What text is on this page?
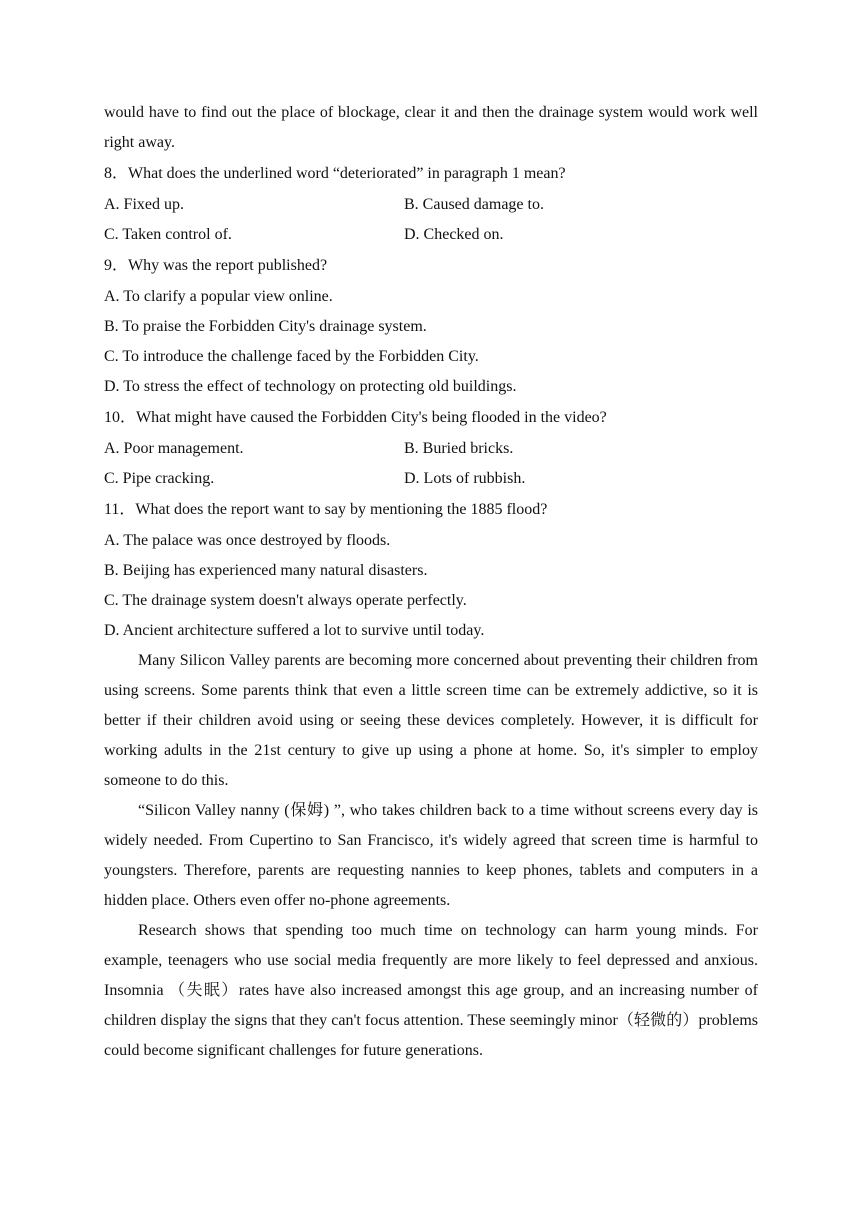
would have to find out the place of blockage, clear it and then the drainage system would work well right away.

8．What does the underlined word “deteriorated” in paragraph 1 mean?

A. Fixed up.	B. Caused damage to.
C. Taken control of.	D. Checked on.

9．Why was the report published?

A. To clarify a popular view online.

B. To praise the Forbidden City's drainage system.

C. To introduce the challenge faced by the Forbidden City.

D. To stress the effect of technology on protecting old buildings.

10．What might have caused the Forbidden City's being flooded in the video?

A. Poor management.	B. Buried bricks.
C. Pipe cracking.	D. Lots of rubbish.

11．What does the report want to say by mentioning the 1885 flood?

A. The palace was once destroyed by floods.

B. Beijing has experienced many natural disasters.

C. The drainage system doesn't always operate perfectly.

D. Ancient architecture suffered a lot to survive until today.

Many Silicon Valley parents are becoming more concerned about preventing their children from using screens. Some parents think that even a little screen time can be extremely addictive, so it is better if their children avoid using or seeing these devices completely. However, it is difficult for working adults in the 21st century to give up using a phone at home. So, it's simpler to employ someone to do this.

“Silicon Valley nanny (保姆) ”, who takes children back to a time without screens every day is widely needed. From Cupertino to San Francisco, it's widely agreed that screen time is harmful to youngsters. Therefore, parents are requesting nannies to keep phones, tablets and computers in a hidden place. Others even offer no-phone agreements.

Research shows that spending too much time on technology can harm young minds. For example, teenagers who use social media frequently are more likely to feel depressed and anxious. Insomnia （失眠）rates have also increased amongst this age group, and an increasing number of children display the signs that they can't focus attention. These seemingly minor（轻微的）problems could become significant challenges for future generations.
